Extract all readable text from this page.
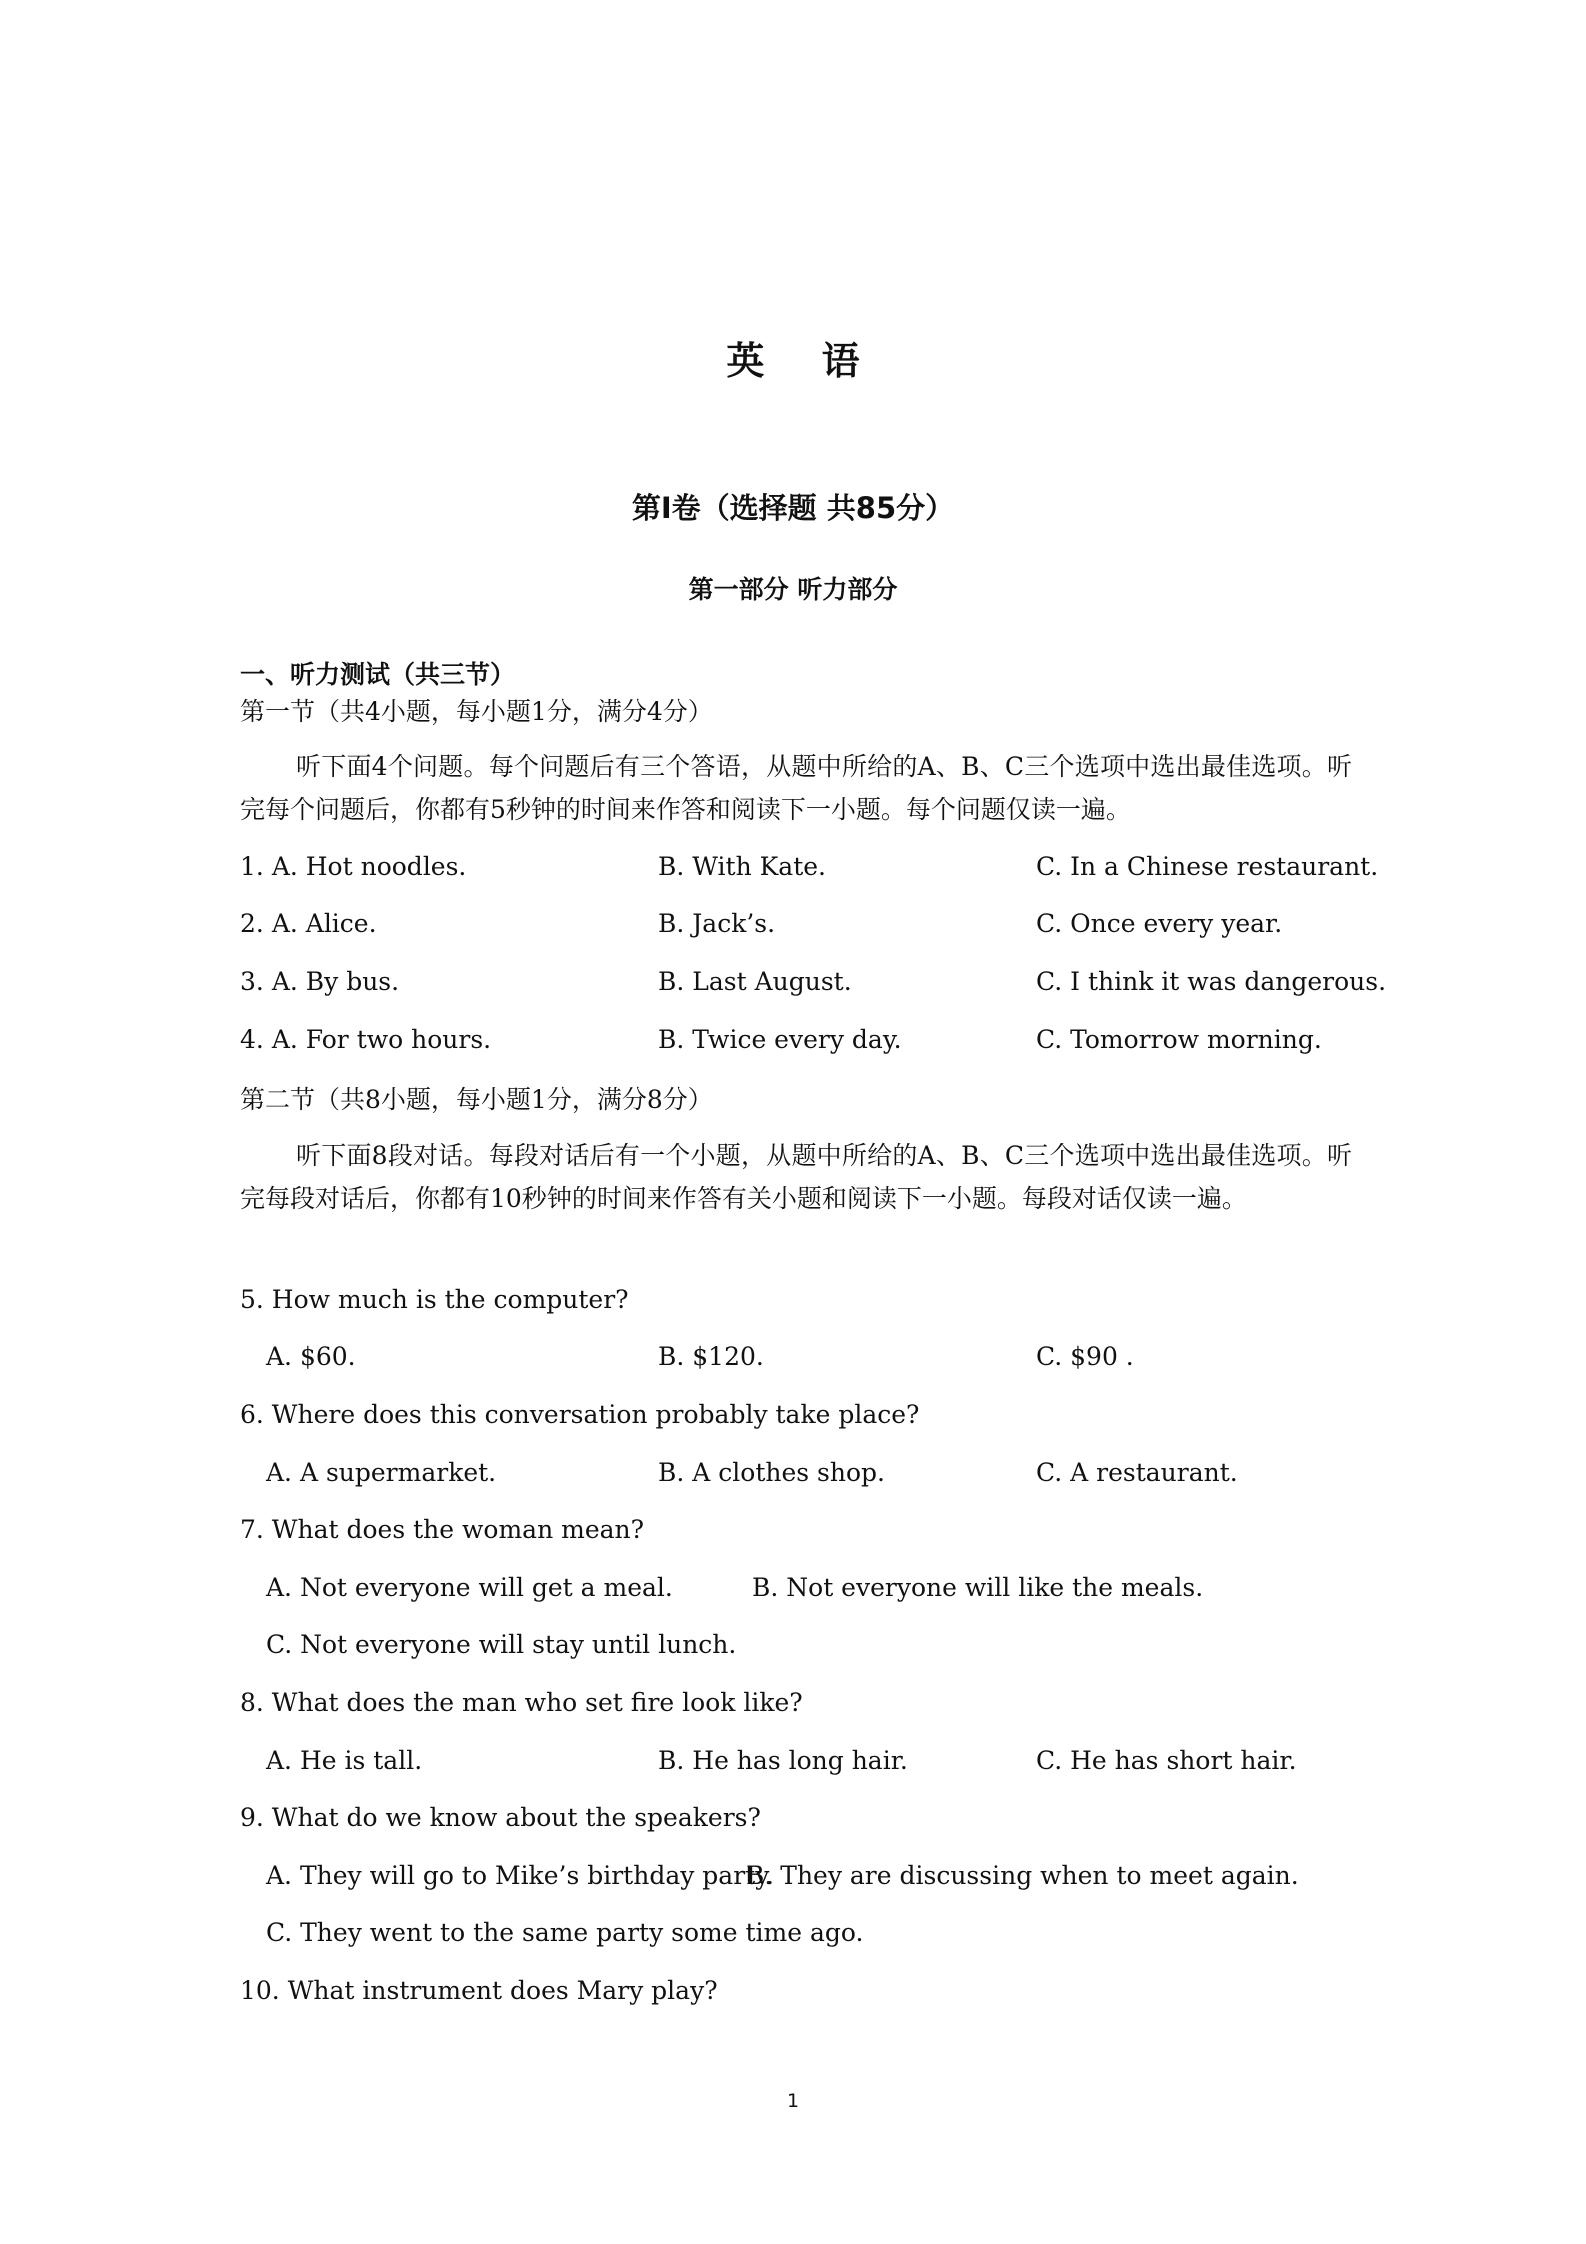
英 语
第Ⅰ卷（选择题 共85分）
第一部分 听力部分
一、听力测试（共三节）
第一节（共4小题，每小题1分，满分4分）
听下面4个问题。每个问题后有三个答语，从题中所给的A、B、C三个选项中选出最佳选项。听完每个问题后，你都有5秒钟的时间来作答和阅读下一小题。每个问题仅读一遍。
1. A. Hot noodles.	B. With Kate.	C. In a Chinese restaurant.
2. A. Alice.	B. Jack’s.	C. Once every year.
3. A. By bus.	B. Last August.	C. I think it was dangerous.
4. A. For two hours.	B. Twice every day.	C. Tomorrow morning.
第二节（共8小题，每小题1分，满分8分）
听下面8段对话。每段对话后有一个小题，从题中所给的A、B、C三个选项中选出最佳选项。听完每段对话后，你都有10秒钟的时间来作答有关小题和阅读下一小题。每段对话仅读一遍。
5. How much is the computer?
A. $60.	B. $120.	C. $90 .
6. Where does this conversation probably take place?
A. A supermarket.	B. A clothes shop.	C. A restaurant.
7. What does the woman mean?
A. Not everyone will get a meal.	B. Not everyone will like the meals.
C. Not everyone will stay until lunch.
8. What does the man who set fire look like?
A. He is tall.	B. He has long hair.	C. He has short hair.
9. What do we know about the speakers?
A. They will go to Mike’s birthday party.
B. They are discussing when to meet again.
C. They went to the same party some time ago.
10. What instrument does Mary play?
1
